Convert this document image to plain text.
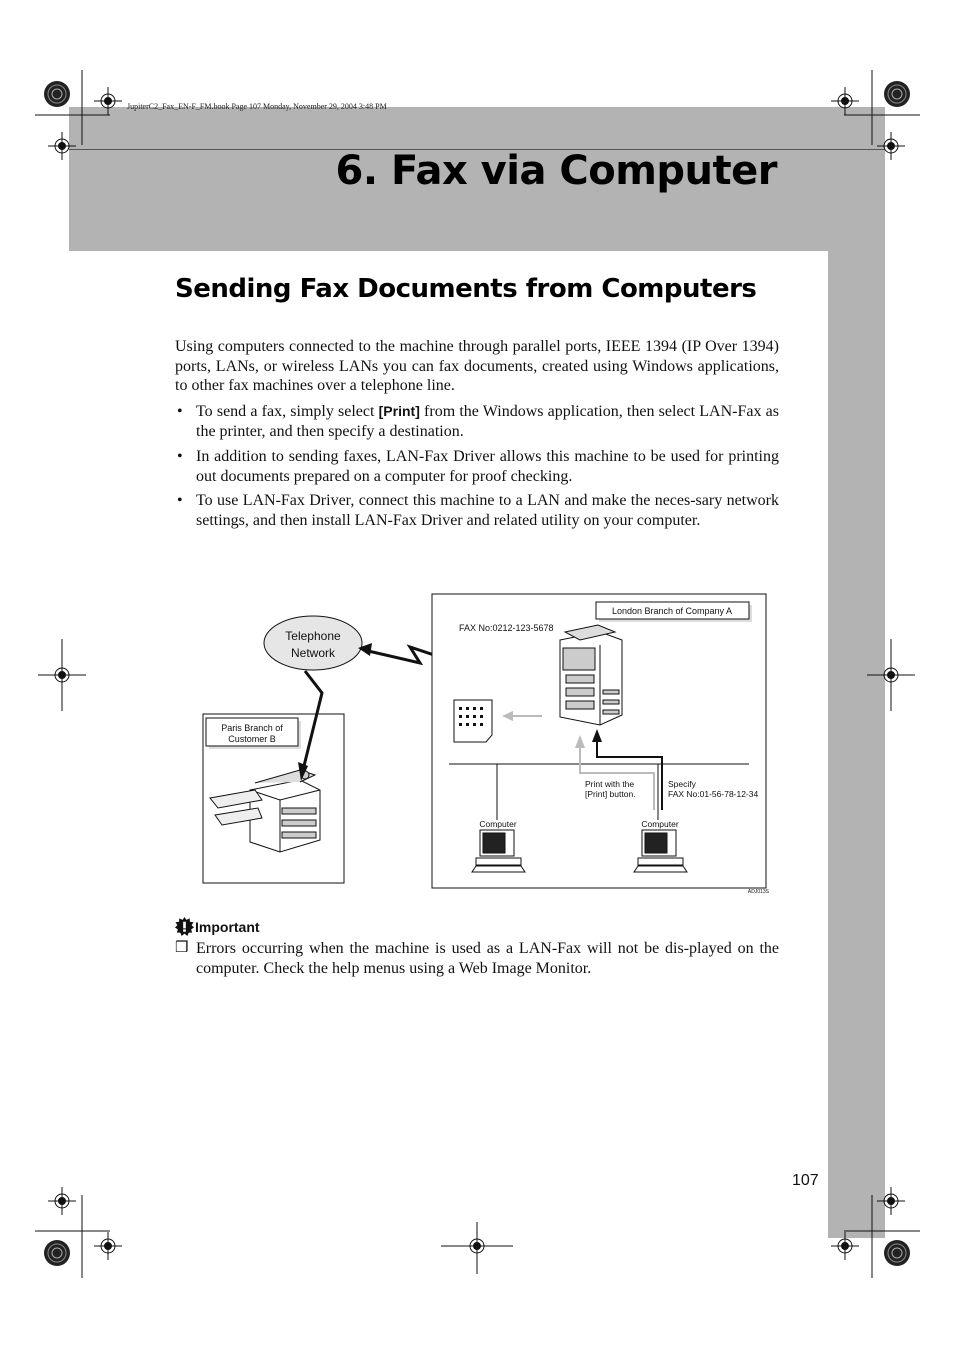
JupiterC2_Fax_EN-F_FM.book Page 107 Monday, November 29, 2004 3:48 PM
6. Fax via Computer
Sending Fax Documents from Computers
Using computers connected to the machine through parallel ports, IEEE 1394 (IP Over 1394) ports, LANs, or wireless LANs you can fax documents, created using Windows applications, to other fax machines over a telephone line.
• To send a fax, simply select [Print] from the Windows application, then select LAN-Fax as the printer, and then specify a destination.
• In addition to sending faxes, LAN-Fax Driver allows this machine to be used for printing out documents prepared on a computer for proof checking.
• To use LAN-Fax Driver, connect this machine to a LAN and make the neces-sary network settings, and then install LAN-Fax Driver and related utility on your computer.
Paris Branch of
Customer B
Telephone
Network
London Branch of Company A
FAX No:0212-123-5678
Print with the
[Print] button.
Specify
FAX No:01-56-78-12-34
Computer	Computer
ADJ013S
Important
❒ Errors occurring when the machine is used as a LAN-Fax will not be dis-played on the computer. Check the help menus using a Web Image Monitor.
107
